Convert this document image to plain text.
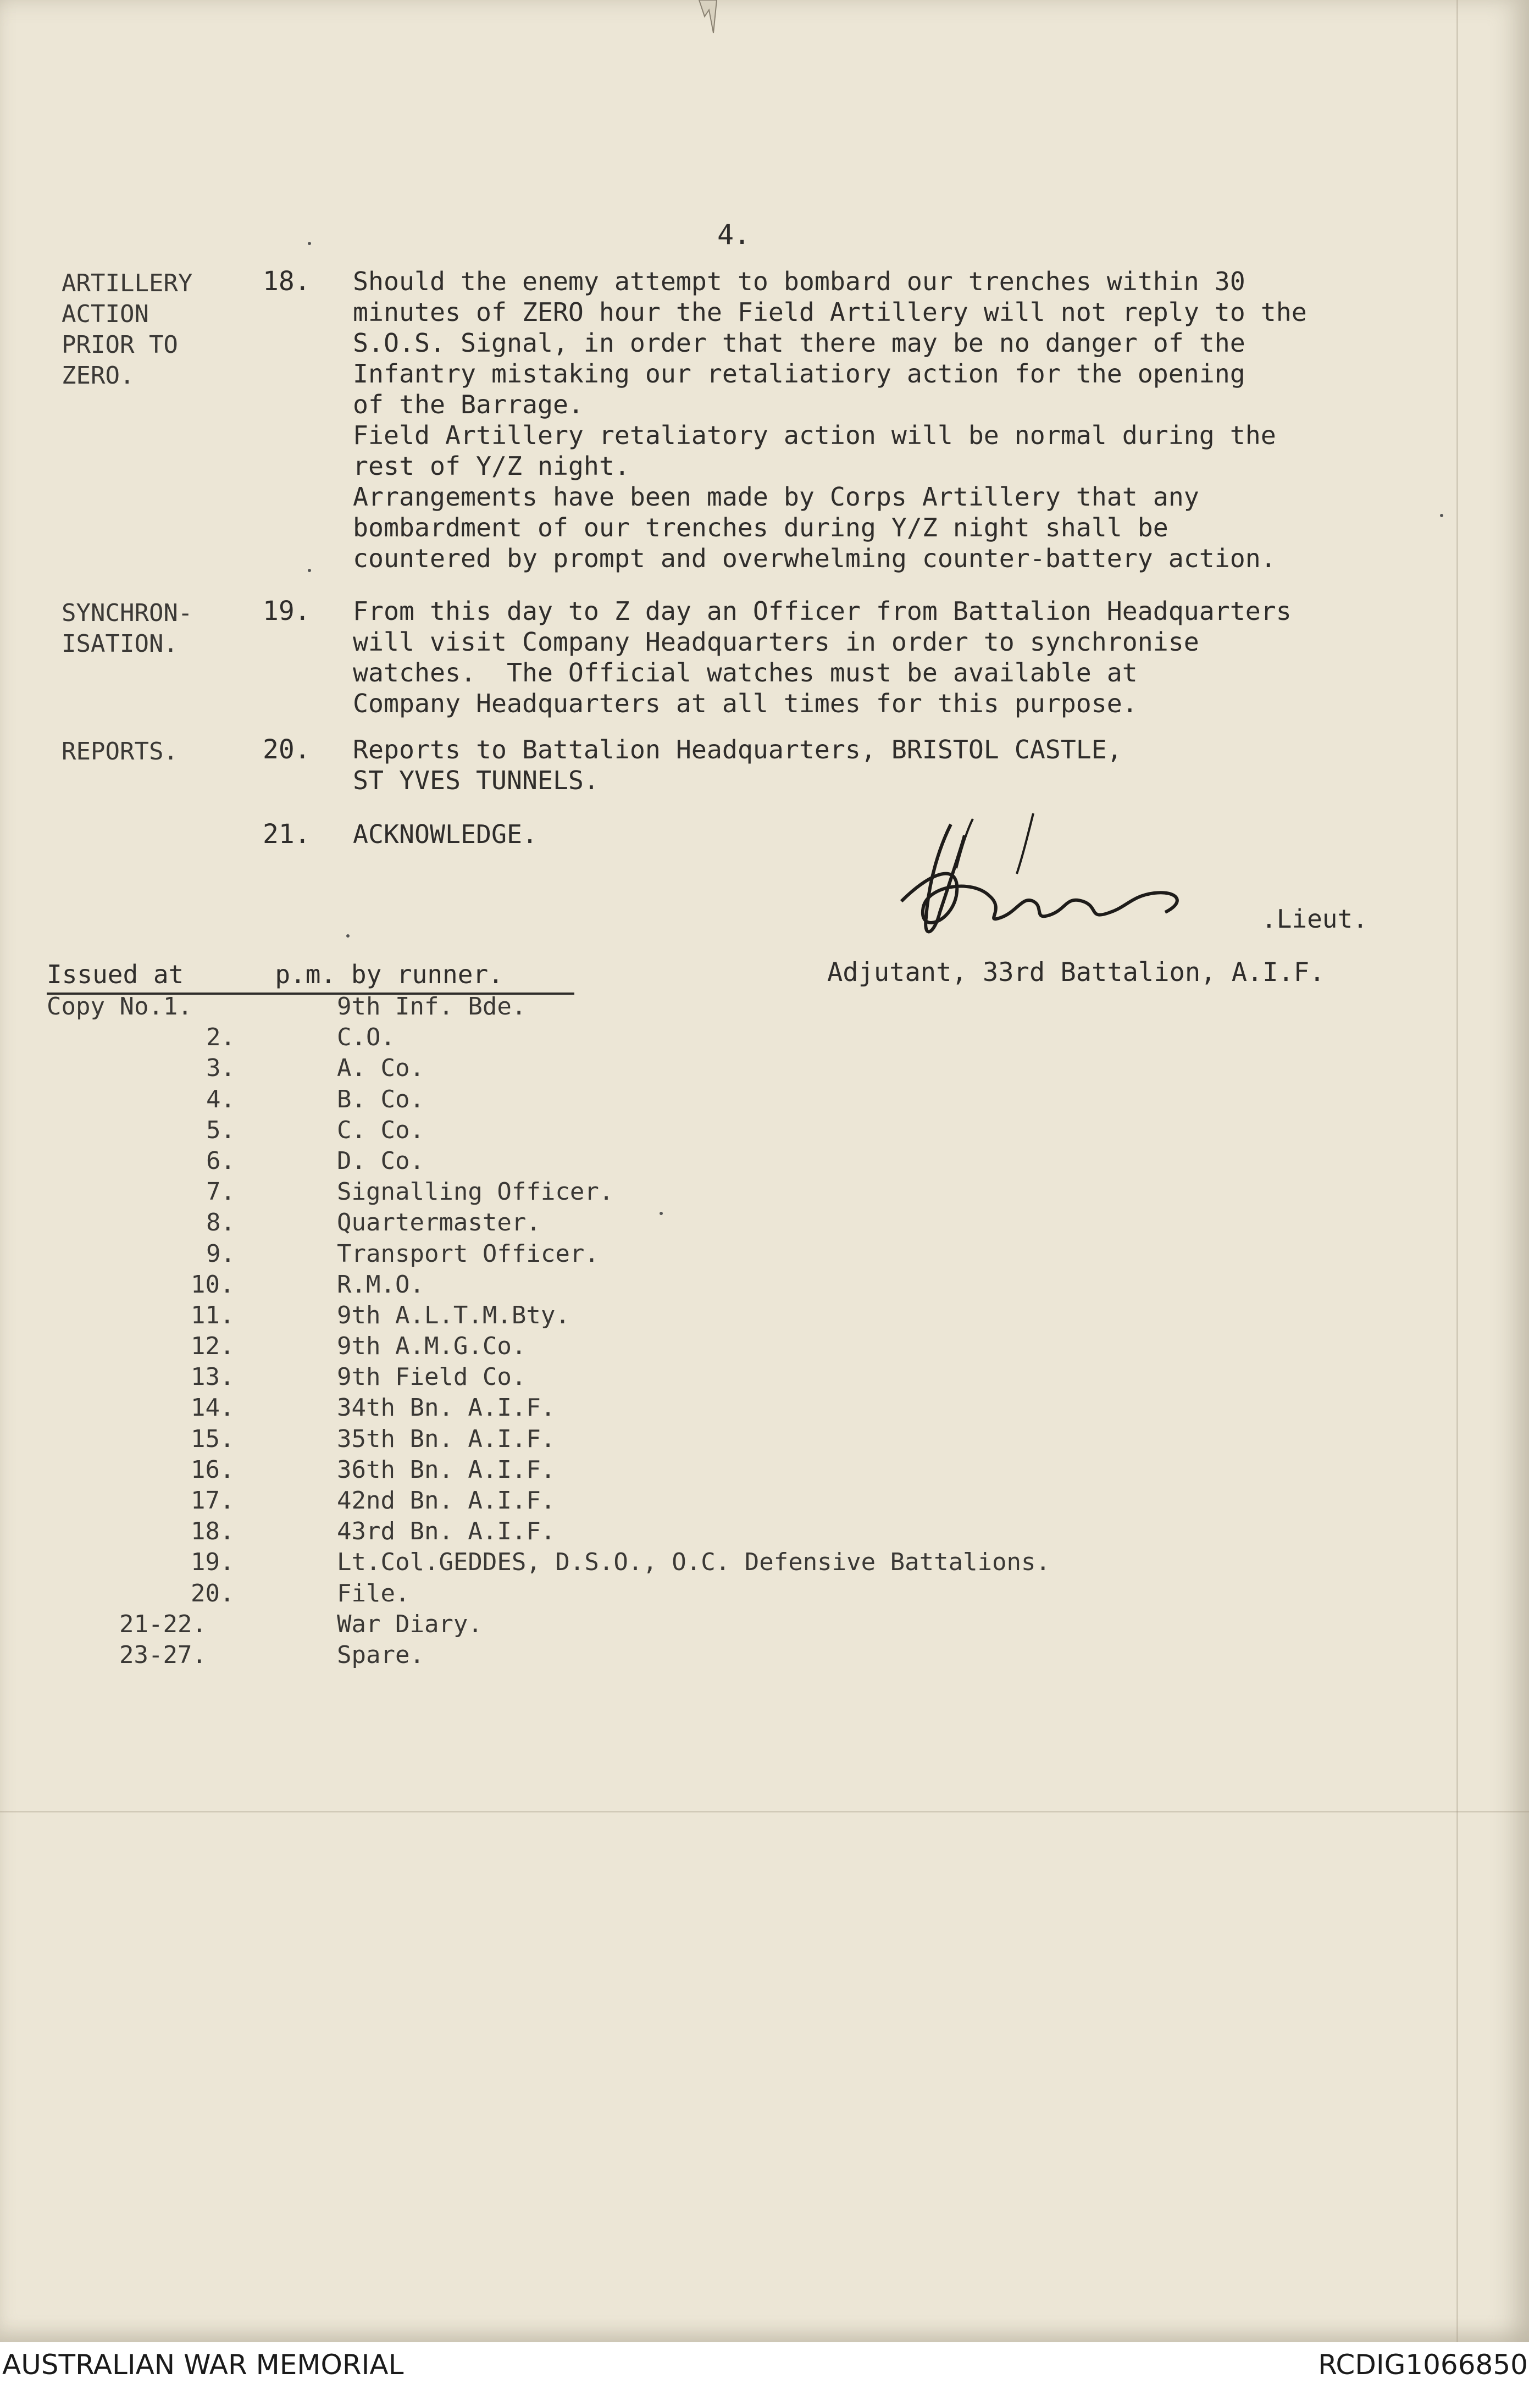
4.
ARTILLERY
ACTION
PRIOR TO
ZERO.
18. Should the enemy attempt to bombard our trenches within 30
minutes of ZERO hour the Field Artillery will not reply to the
S.O.S. Signal, in order that there may be no danger of the
Infantry mistaking our retaliatiory action for the opening
of the Barrage.
Field Artillery retaliatory action will be normal during the
rest of Y/Z night.
Arrangements have been made by Corps Artillery that any
bombardment of our trenches during Y/Z night shall be
countered by prompt and overwhelming counter-battery action.
SYNCHRON-
ISATION.
19. From this day to Z day an Officer from Battalion Headquarters
will visit Company Headquarters in order to synchronise
watches.  The Official watches must be available at
Company Headquarters at all times for this purpose.
REPORTS.	20. Reports to Battalion Headquarters, BRISTOL CASTLE,
ST YVES TUNNELS.
21. ACKNOWLEDGE.
.Lieut.
Adjutant, 33rd Battalion, A.I.F.
Issued at      p.m. by runner.
Copy No.1.	9th Inf. Bde.
2.	C.O.
3.	A. Co.
4.	B. Co.
5.	C. Co.
6.	D. Co.
7.	Signalling Officer.
8.	Quartermaster.
9.	Transport Officer.
10.	R.M.O.
11.	9th A.L.T.M.Bty.
12.	9th A.M.G.Co.
13.	9th Field Co.
14.	34th Bn. A.I.F.
15.	35th Bn. A.I.F.
16.	36th Bn. A.I.F.
17.	42nd Bn. A.I.F.
18.	43rd Bn. A.I.F.
19.	Lt.Col.GEDDES, D.S.O., O.C. Defensive Battalions.
20.	File.
21-22.	War Diary.
23-27.	Spare.
AUSTRALIAN WAR MEMORIAL	RCDIG1066850
